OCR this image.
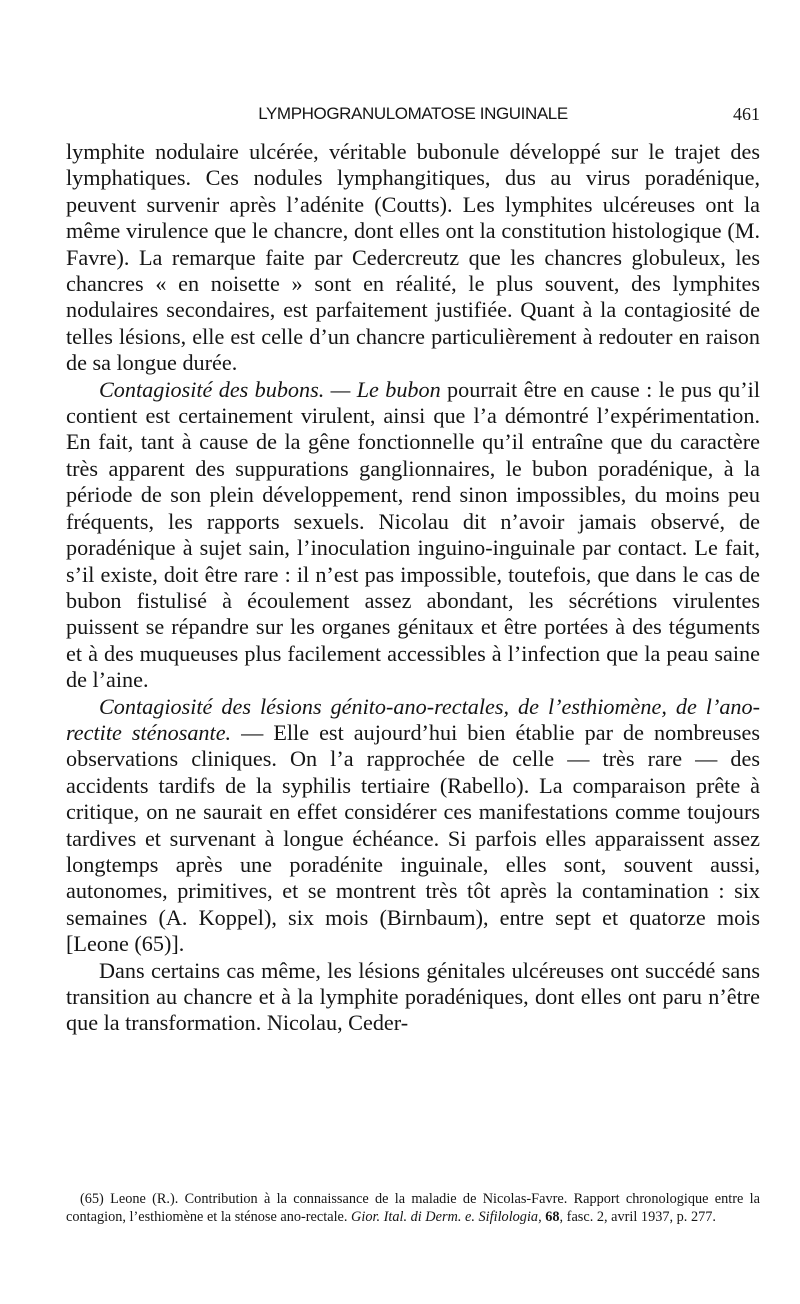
LYMPHOGRANULOMATOSE INGUINALE	461

lymphite nodulaire ulcérée, véritable bubonule développé sur le trajet des lymphatiques. Ces nodules lymphangitiques, dus au virus poradénique, peuvent survenir après l’adénite (Coutts). Les lymphites ulcéreuses ont la même virulence que le chancre, dont elles ont la constitution histologique (M. Favre). La remarque faite par Cedercreutz que les chancres globuleux, les chancres « en noisette » sont en réalité, le plus souvent, des lymphites nodulaires secondaires, est parfaitement justifiée. Quant à la contagiosité de telles lésions, elle est celle d’un chancre particulièrement à redouter en raison de sa longue durée.

Contagiosité des bubons. — Le bubon pourrait être en cause : le pus qu’il contient est certainement virulent, ainsi que l’a démontré l’expérimentation. En fait, tant à cause de la gêne fonctionnelle qu’il entraîne que du caractère très apparent des suppurations ganglionnaires, le bubon poradénique, à la période de son plein développement, rend sinon impossibles, du moins peu fréquents, les rapports sexuels. Nicolau dit n’avoir jamais observé, de poradénique à sujet sain, l’inoculation inguino-inguinale par contact. Le fait, s’il existe, doit être rare : il n’est pas impossible, toutefois, que dans le cas de bubon fistulisé à écoulement assez abondant, les sécrétions virulentes puissent se répandre sur les organes génitaux et être portées à des téguments et à des muqueuses plus facilement accessibles à l’infection que la peau saine de l’aine.

Contagiosité des lésions génito-ano-rectales, de l’esthiomène, de l’ano-rectite sténosante. — Elle est aujourd’hui bien établie par de nombreuses observations cliniques. On l’a rapprochée de celle — très rare — des accidents tardifs de la syphilis tertiaire (Rabello). La comparaison prête à critique, on ne saurait en effet considérer ces manifestations comme toujours tardives et survenant à longue échéance. Si parfois elles apparaissent assez longtemps après une poradénite inguinale, elles sont, souvent aussi, autonomes, primitives, et se montrent très tôt après la contamination : six semaines (A. Koppel), six mois (Birnbaum), entre sept et quatorze mois [Leone (65)].

Dans certains cas même, les lésions génitales ulcéreuses ont succédé sans transition au chancre et à la lymphite poradéniques, dont elles ont paru n’être que la transformation. Nicolau, Ceder-

(65) Leone (R.). Contribution à la connaissance de la maladie de Nicolas-Favre. Rapport chronologique entre la contagion, l’esthiomène et la sténose ano-rectale. Gior. Ital. di Derm. e. Sifilologia, 68, fasc. 2, avril 1937, p. 277.
